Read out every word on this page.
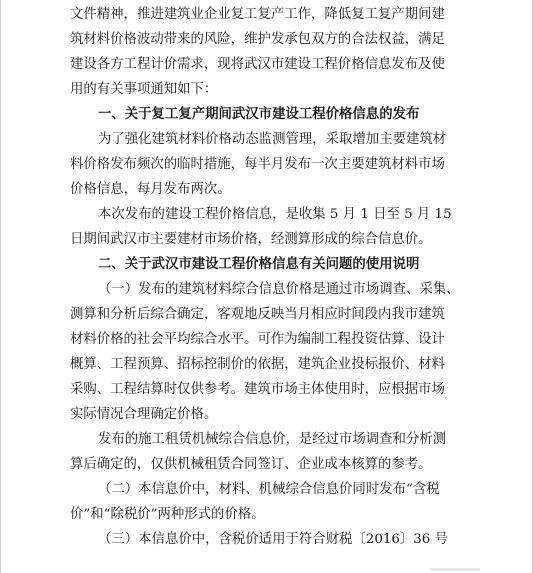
文件精神，推进建筑业企业复工复产工作，降低复工复产期间建
筑材料价格波动带来的风险，维护发承包双方的合法权益，满足
建设各方工程计价需求，现将武汉市建设工程价格信息发布及使
用的有关事项通知如下：
一、关于复工复产期间武汉市建设工程价格信息的发布
为了强化建筑材料价格动态监测管理，采取增加主要建筑材
料价格发布频次的临时措施，每半月发布一次主要建筑材料市场
价格信息，每月发布两次。
本次发布的建设工程价格信息，是收集 5 月 1 日至 5 月 15
日期间武汉市主要建材市场价格，经测算形成的综合信息价。
二、关于武汉市建设工程价格信息有关问题的使用说明
（一）发布的建筑材料综合信息价格是通过市场调查、采集、
测算和分析后综合确定，客观地反映当月相应时间段内我市建筑
材料价格的社会平均综合水平。可作为编制工程投资估算、设计
概算、工程预算、招标控制价的依据，建筑企业投标报价、材料
采购、工程结算时仅供参考。建筑市场主体使用时，应根据市场
实际情况合理确定价格。
发布的施工租赁机械综合信息价，是经过市场调查和分析测
算后确定的，仅供机械租赁合同签订、企业成本核算的参考。
（二）本信息价中，材料、机械综合信息价同时发布“含税
价”和“除税价”两种形式的价格。
（三）本信息价中，含税价适用于符合财税〔2016〕36 号
